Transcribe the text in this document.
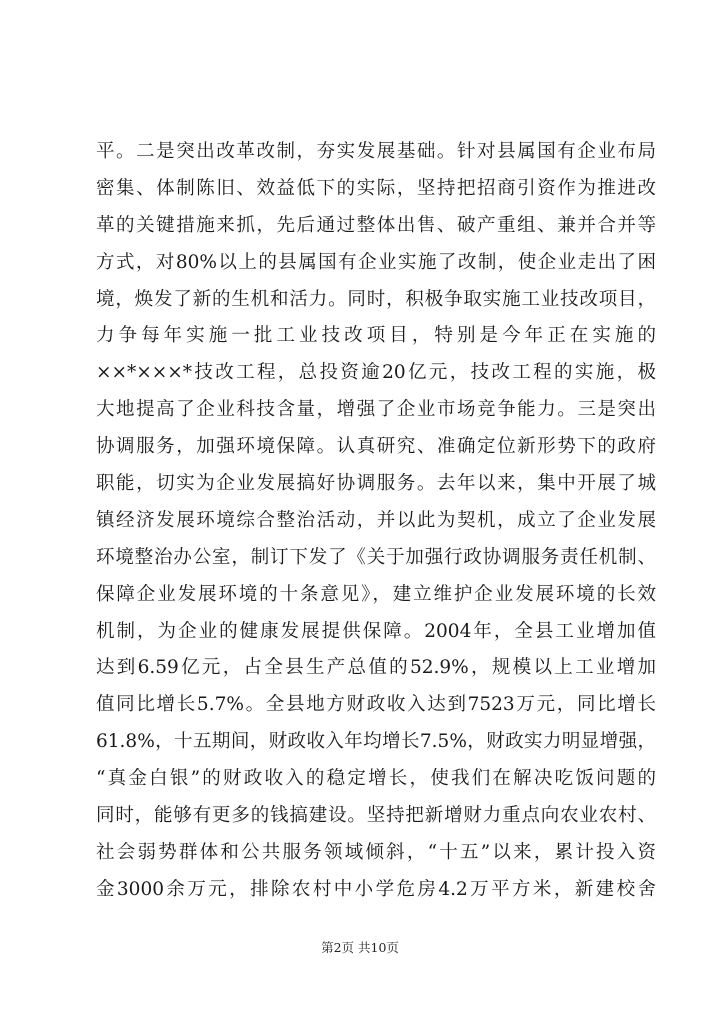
平。二是突出改革改制，夯实发展基础。针对县属国有企业布局
密集、体制陈旧、效益低下的实际，坚持把招商引资作为推进改
革的关键措施来抓，先后通过整体出售、破产重组、兼并合并等
方式，对80%以上的县属国有企业实施了改制，使企业走出了困
境，焕发了新的生机和活力。同时，积极争取实施工业技改项目，
力争每年实施一批工业技改项目，特别是今年正在实施的
××*×××*技改工程，总投资逾20亿元，技改工程的实施，极
大地提高了企业科技含量，增强了企业市场竞争能力。三是突出
协调服务，加强环境保障。认真研究、准确定位新形势下的政府
职能，切实为企业发展搞好协调服务。去年以来，集中开展了城
镇经济发展环境综合整治活动，并以此为契机，成立了企业发展
环境整治办公室，制订下发了《关于加强行政协调服务责任机制、
保障企业发展环境的十条意见》，建立维护企业发展环境的长效
机制，为企业的健康发展提供保障。2004年，全县工业增加值
达到6.59亿元，占全县生产总值的52.9%，规模以上工业增加
值同比增长5.7%。全县地方财政收入达到7523万元，同比增长
61.8%，十五期间，财政收入年均增长7.5%，财政实力明显增强，
“真金白银”的财政收入的稳定增长，使我们在解决吃饭问题的
同时，能够有更多的钱搞建设。坚持把新增财力重点向农业农村、
社会弱势群体和公共服务领域倾斜，“十五”以来，累计投入资
金3000余万元，排除农村中小学危房4.2万平方米，新建校舍
第2页 共10页
